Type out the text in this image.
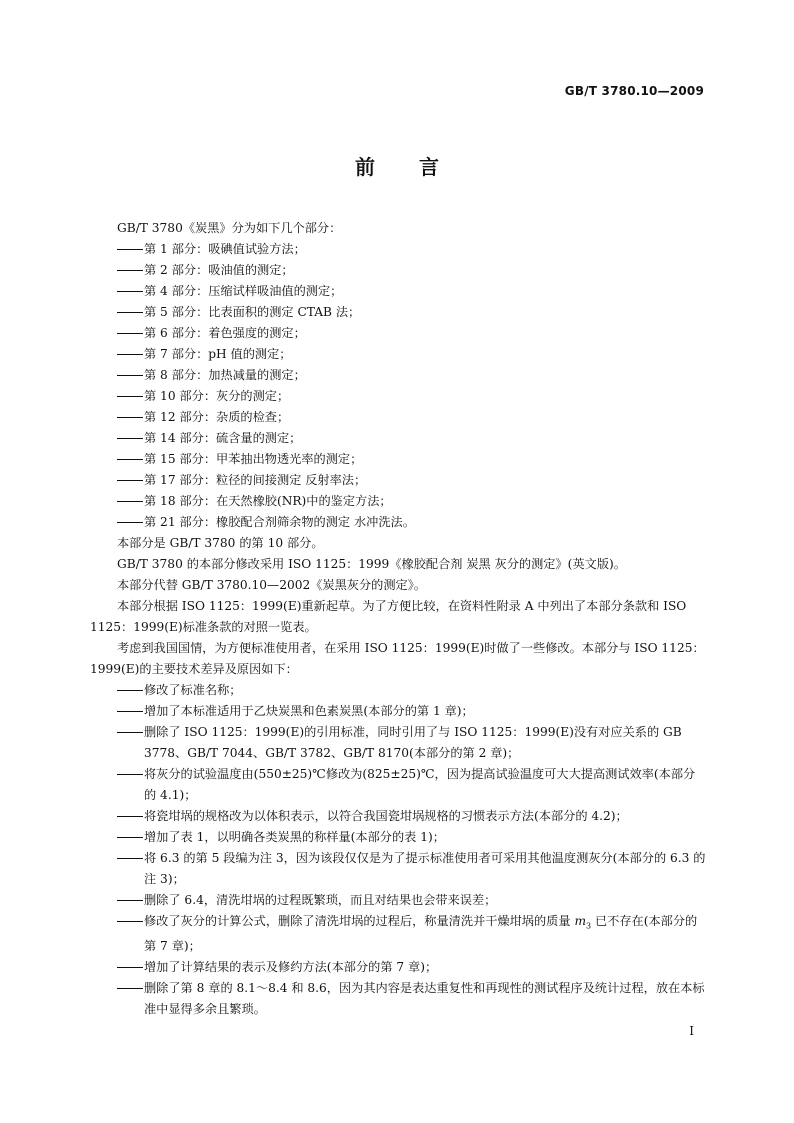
GB/T 3780.10—2009
前言

GB/T 3780《炭黑》分为如下几个部分：

第 1 部分：吸碘值试验方法；

第 2 部分：吸油值的测定；

第 4 部分：压缩试样吸油值的测定；

第 5 部分：比表面积的测定 CTAB 法；

第 6 部分：着色强度的测定；

第 7 部分：pH 值的测定；

第 8 部分：加热减量的测定；

第 10 部分：灰分的测定；

第 12 部分：杂质的检查；

第 14 部分：硫含量的测定；

第 15 部分：甲苯抽出物透光率的测定；

第 17 部分：粒径的间接测定 反射率法；

第 18 部分：在天然橡胶(NR)中的鉴定方法；

第 21 部分：橡胶配合剂筛余物的测定 水冲洗法。

本部分是 GB/T 3780 的第 10 部分。

GB/T 3780 的本部分修改采用 ISO 1125：1999《橡胶配合剂 炭黑 灰分的测定》(英文版)。

本部分代替 GB/T 3780.10—2002《炭黑灰分的测定》。

本部分根据 ISO 1125：1999(E)重新起草。为了方便比较，在资料性附录 A 中列出了本部分条款和 ISO 1125：1999(E)标准条款的对照一览表。

考虑到我国国情，为方便标准使用者，在采用 ISO 1125：1999(E)时做了一些修改。本部分与 ISO 1125：1999(E)的主要技术差异及原因如下：

修改了标准名称；

增加了本标准适用于乙炔炭黑和色素炭黑(本部分的第 1 章)；

删除了 ISO 1125：1999(E)的引用标准，同时引用了与 ISO 1125：1999(E)没有对应关系的 GB 3778、GB/T 7044、GB/T 3782、GB/T 8170(本部分的第 2 章)；

将灰分的试验温度由(550±25)℃修改为(825±25)℃，因为提高试验温度可大大提高测试效率(本部分的 4.1)；

将瓷坩埚的规格改为以体积表示，以符合我国瓷坩埚规格的习惯表示方法(本部分的 4.2)；

增加了表 1，以明确各类炭黑的称样量(本部分的表 1)；

将 6.3 的第 5 段编为注 3，因为该段仅仅是为了提示标准使用者可采用其他温度测灰分(本部分的 6.3 的注 3)；

删除了 6.4，清洗坩埚的过程既繁琐，而且对结果也会带来误差；

修改了灰分的计算公式，删除了清洗坩埚的过程后，称量清洗并干燥坩埚的质量 $m_3$ 已不存在(本部分的第 7 章)；

增加了计算结果的表示及修约方法(本部分的第 7 章)；

删除了第 8 章的 8.1～8.4 和 8.6，因为其内容是表达重复性和再现性的测试程序及统计过程，放在本标准中显得多余且繁琐。

I
